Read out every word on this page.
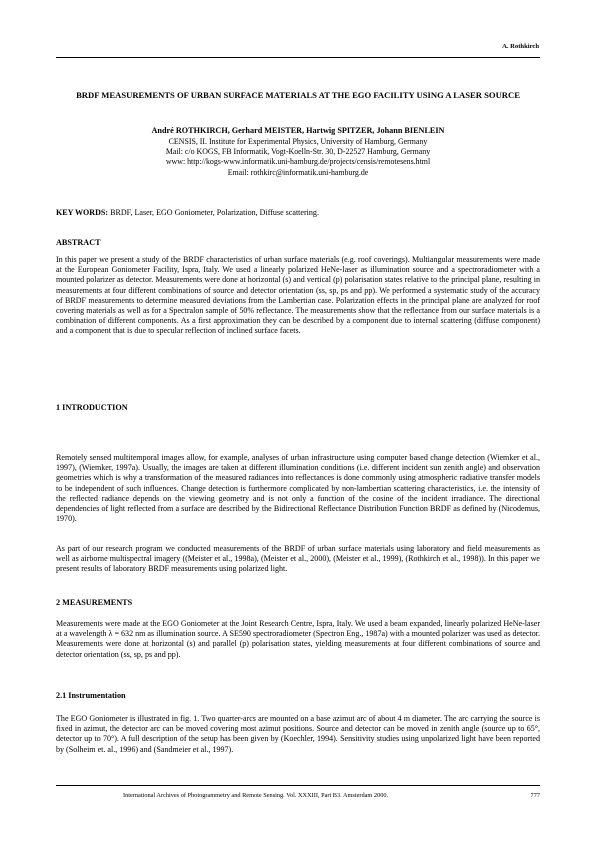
A. Rothkirch
BRDF MEASUREMENTS OF URBAN SURFACE MATERIALS AT THE EGO FACILITY USING A LASER SOURCE
André ROTHKIRCH, Gerhard MEISTER, Hartwig SPITZER, Johann BIENLEIN
CENSIS, II. Institute for Experimental Physics, University of Hamburg, Germany
Mail: c/o KOGS, FB Informatik, Vogt-Koelln-Str. 30, D-22527 Hamburg, Germany
www: http://kogs-www.informatik.uni-hamburg.de/projects/censis/remotesens.html
Email: rothkirc@informatik.uni-hamburg.de
KEY WORDS: BRDF, Laser, EGO Goniometer, Polarization, Diffuse scattering.
ABSTRACT
In this paper we present a study of the BRDF characteristics of urban surface materials (e.g. roof coverings). Multiangular measurements were made at the European Goniometer Facility, Ispra, Italy. We used a linearly polarized HeNe-laser as illumination source and a spectroradiometer with a mounted polarizer as detector. Measurements were done at horizontal (s) and vertical (p) polarisation states relative to the principal plane, resulting in measurements at four different combinations of source and detector orientation (ss, sp, ps and pp). We performed a systematic study of the accuracy of BRDF measurements to determine measured deviations from the Lambertian case. Polarization effects in the principal plane are analyzed for roof covering materials as well as for a Spectralon sample of 50% reflectance. The measurements show that the reflectance from our surface materials is a combination of different components. As a first approximation they can be described by a component due to internal scattering (diffuse component) and a component that is due to specular reflection of inclined surface facets.
1 INTRODUCTION
Remotely sensed multitemporal images allow, for example, analyses of urban infrastructure using computer based change detection (Wiemker et al., 1997), (Wiemker, 1997a). Usually, the images are taken at different illumination conditions (i.e. different incident sun zenith angle) and observation geometries which is why a transformation of the measured radiances into reflectances is done commonly using atmospheric radiative transfer models to be independent of such influences. Change detection is furthermore complicated by non-lambertian scattering characteristics, i.e. the intensity of the reflected radiance depends on the viewing geometry and is not only a function of the cosine of the incident irradiance. The directional dependencies of light reflected from a surface are described by the Bidirectional Reflectance Distribution Function BRDF as defined by (Nicodemus, 1970).
As part of our research program we conducted measurements of the BRDF of urban surface materials using laboratory and field measurements as well as airborne multispectral imagery ((Meister et al., 1998a), (Meister et al., 2000), (Meister et al., 1999), (Rothkirch et al., 1998)). In this paper we present results of laboratory BRDF measurements using polarized light.
2 MEASUREMENTS
Measurements were made at the EGO Goniometer at the Joint Research Centre, Ispra, Italy. We used a beam expanded, linearly polarized HeNe-laser at a wavelength λ = 632 nm as illumination source. A SE590 spectroradiometer (Spectron Eng., 1987a) with a mounted polarizer was used as detector. Measurements were done at horizontal (s) and parallel (p) polarisation states, yielding measurements at four different combinations of source and detector orientation (ss, sp, ps and pp).
2.1 Instrumentation
The EGO Goniometer is illustrated in fig. 1. Two quarter-arcs are mounted on a base azimut arc of about 4 m diameter. The arc carrying the source is fixed in azimut, the detector arc can be moved covering most azimut positions. Source and detector can be moved in zenith angle (source up to 65°, detector up to 70°). A full description of the setup has been given by (Koechler, 1994). Sensitivity studies using unpolarized light have been reported by (Solheim et. al., 1996) and (Sandmeier et al., 1997).
International Archives of Photogrammetry and Remote Sensing. Vol. XXXIII, Part B3. Amsterdam 2000.	777
